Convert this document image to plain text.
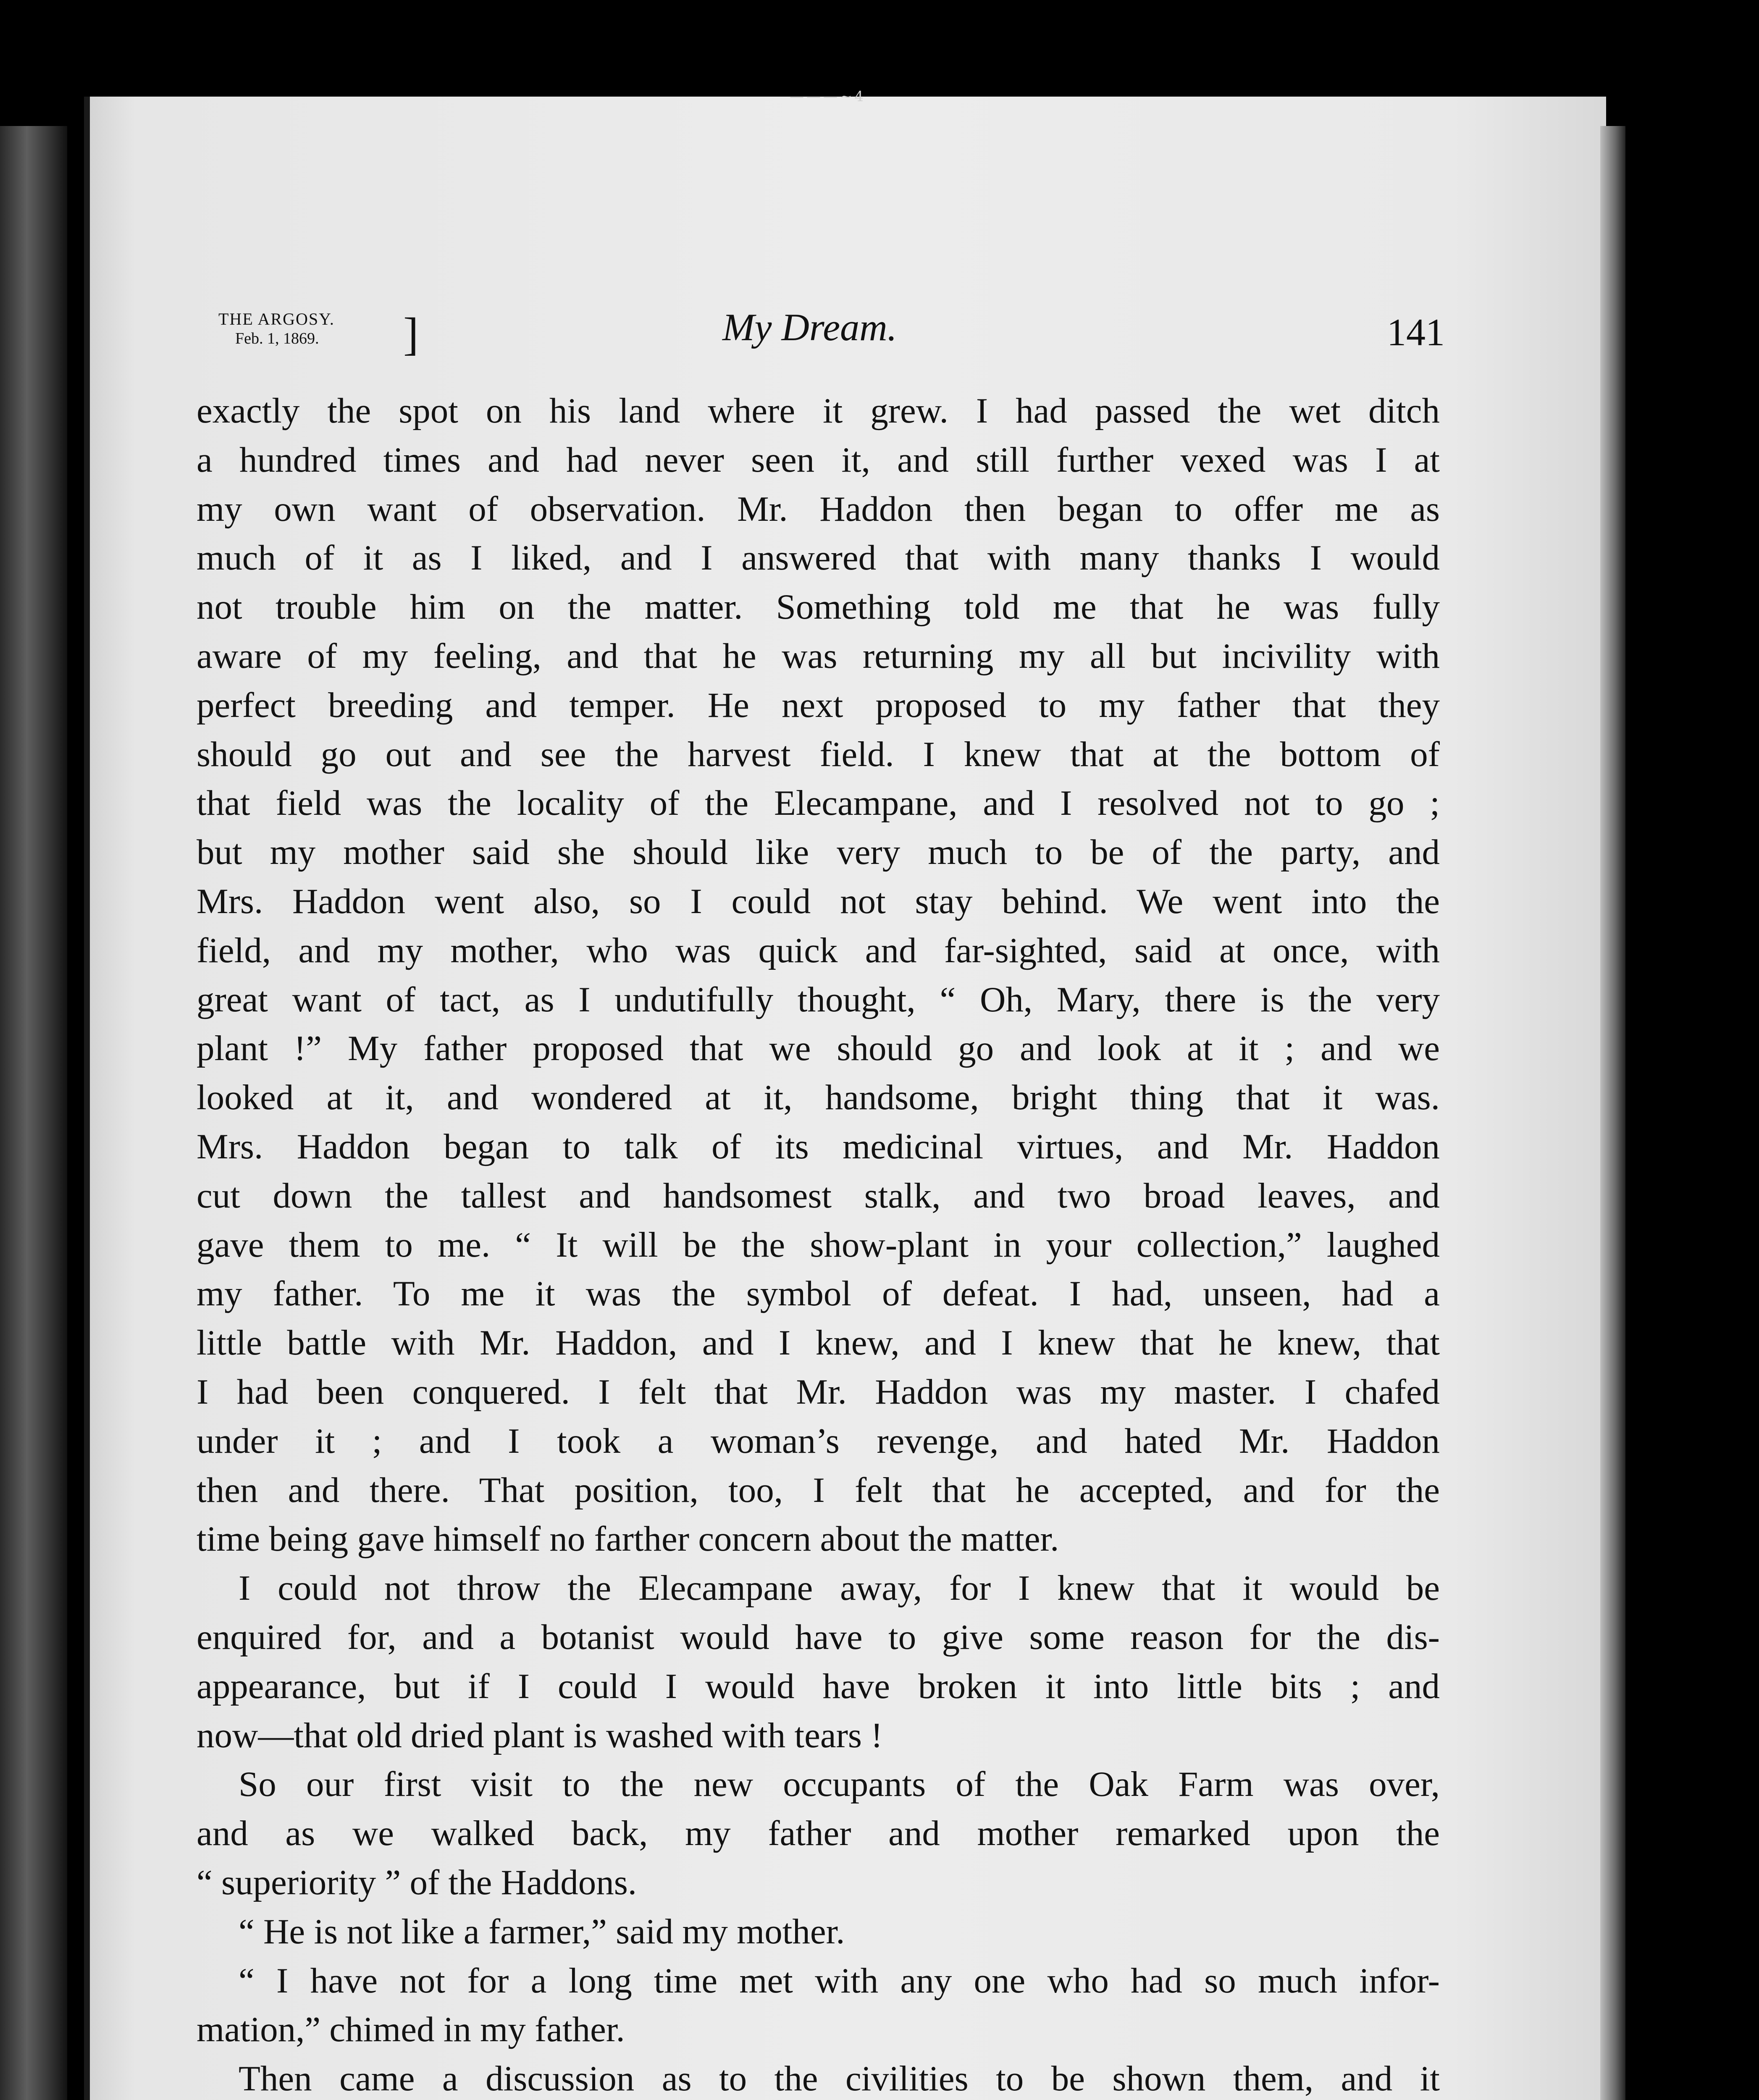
———~4
THE ARGOSY.
Feb. 1, 1869. ]	My Dream.	141
exactly the spot on his land where it grew. I had passed the wet ditch
a hundred times and had never seen it, and still further vexed was I at
my own want of observation. Mr. Haddon then began to offer me as
much of it as I liked, and I answered that with many thanks I would
not trouble him on the matter. Something told me that he was fully
aware of my feeling, and that he was returning my all but incivility with
perfect breeding and temper. He next proposed to my father that they
should go out and see the harvest field. I knew that at the bottom of
that field was the locality of the Elecampane, and I resolved not to go ;
but my mother said she should like very much to be of the party, and
Mrs. Haddon went also, so I could not stay behind. We went into the
field, and my mother, who was quick and far-sighted, said at once, with
great want of tact, as I undutifully thought, “ Oh, Mary, there is the very
plant !” My father proposed that we should go and look at it ; and we
looked at it, and wondered at it, handsome, bright thing that it was.
Mrs. Haddon began to talk of its medicinal virtues, and Mr. Haddon
cut down the tallest and handsomest stalk, and two broad leaves, and
gave them to me. “ It will be the show-plant in your collection,” laughed
my father. To me it was the symbol of defeat. I had, unseen, had a
little battle with Mr. Haddon, and I knew, and I knew that he knew, that
I had been conquered. I felt that Mr. Haddon was my master. I chafed
under it ; and I took a woman’s revenge, and hated Mr. Haddon
then and there. That position, too, I felt that he accepted, and for the
time being gave himself no farther concern about the matter.
I could not throw the Elecampane away, for I knew that it would be
enquired for, and a botanist would have to give some reason for the dis-
appearance, but if I could I would have broken it into little bits ; and
now—that old dried plant is washed with tears !
So our first visit to the new occupants of the Oak Farm was over,
and as we walked back, my father and mother remarked upon the
“ superiority ” of the Haddons.
“ He is not like a farmer,” said my mother.
“ I have not for a long time met with any one who had so much infor-
mation,” chimed in my father.
Then came a discussion as to the civilities to be shown them, and it
